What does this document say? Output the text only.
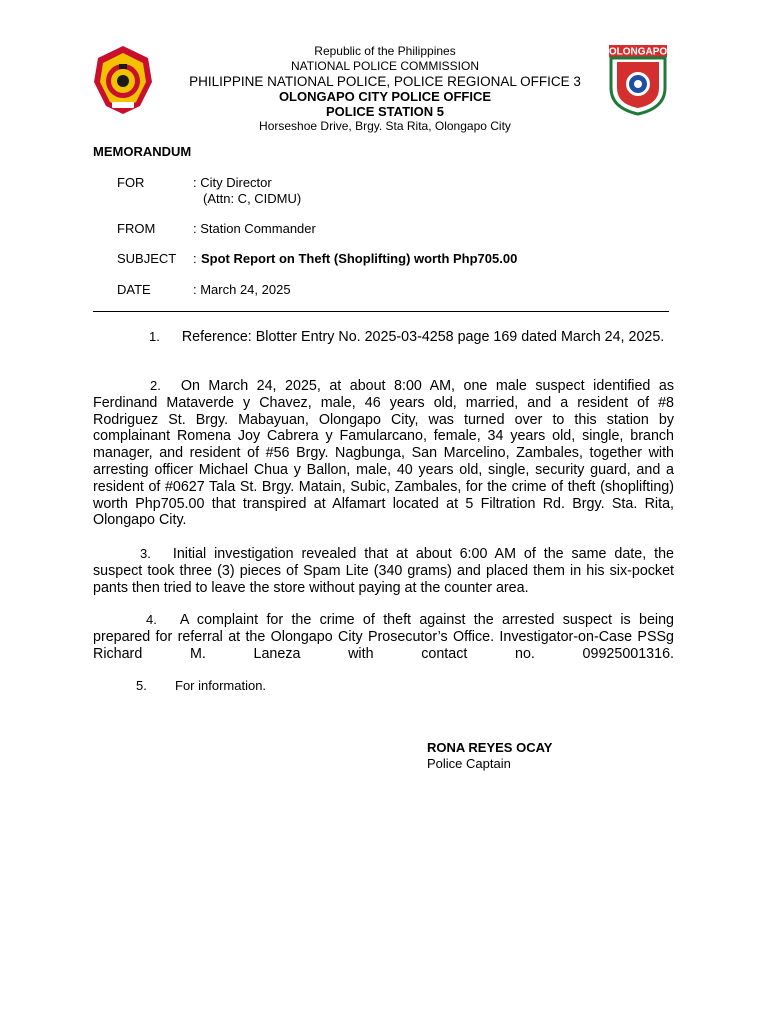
OLONGAPO
Republic of the Philippines
NATIONAL POLICE COMMISSION
PHILIPPINE NATIONAL POLICE, POLICE REGIONAL OFFICE 3
OLONGAPO CITY POLICE OFFICE
POLICE STATION 5
Horseshoe Drive, Brgy. Sta Rita, Olongapo City
MEMORANDUM
FOR	: City Director
(Attn: C, CIDMU)
FROM	: Station Commander
SUBJECT : Spot Report on Theft (Shoplifting) worth Php705.00
DATE	: March 24, 2025
1. Reference: Blotter Entry No. 2025-03-4258 page 169 dated March 24, 2025.
2. On March 24, 2025, at about 8:00 AM, one male suspect identified as Ferdinand Mataverde y Chavez, male, 46 years old, married, and a resident of #8 Rodriguez St. Brgy. Mabayuan, Olongapo City, was turned over to this station by complainant Romena Joy Cabrera y Famularcano, female, 34 years old, single, branch manager, and resident of #56 Brgy. Nagbunga, San Marcelino, Zambales, together with arresting officer Michael Chua y Ballon, male, 40 years old, single, security guard, and a resident of #0627 Tala St. Brgy. Matain, Subic, Zambales, for the crime of theft (shoplifting) worth Php705.00 that transpired at Alfamart located at 5 Filtration Rd. Brgy. Sta. Rita, Olongapo City.
3. Initial investigation revealed that at about 6:00 AM of the same date, the suspect took three (3) pieces of Spam Lite (340 grams) and placed them in his six-pocket pants then tried to leave the store without paying at the counter area.
4. A complaint for the crime of theft against the arrested suspect is being prepared for referral at the Olongapo City Prosecutor’s Office. Investigator-on-Case PSSg Richard M. Laneza with contact no. 09925001316.
5. For information.
RONA REYES OCAY
Police Captain
